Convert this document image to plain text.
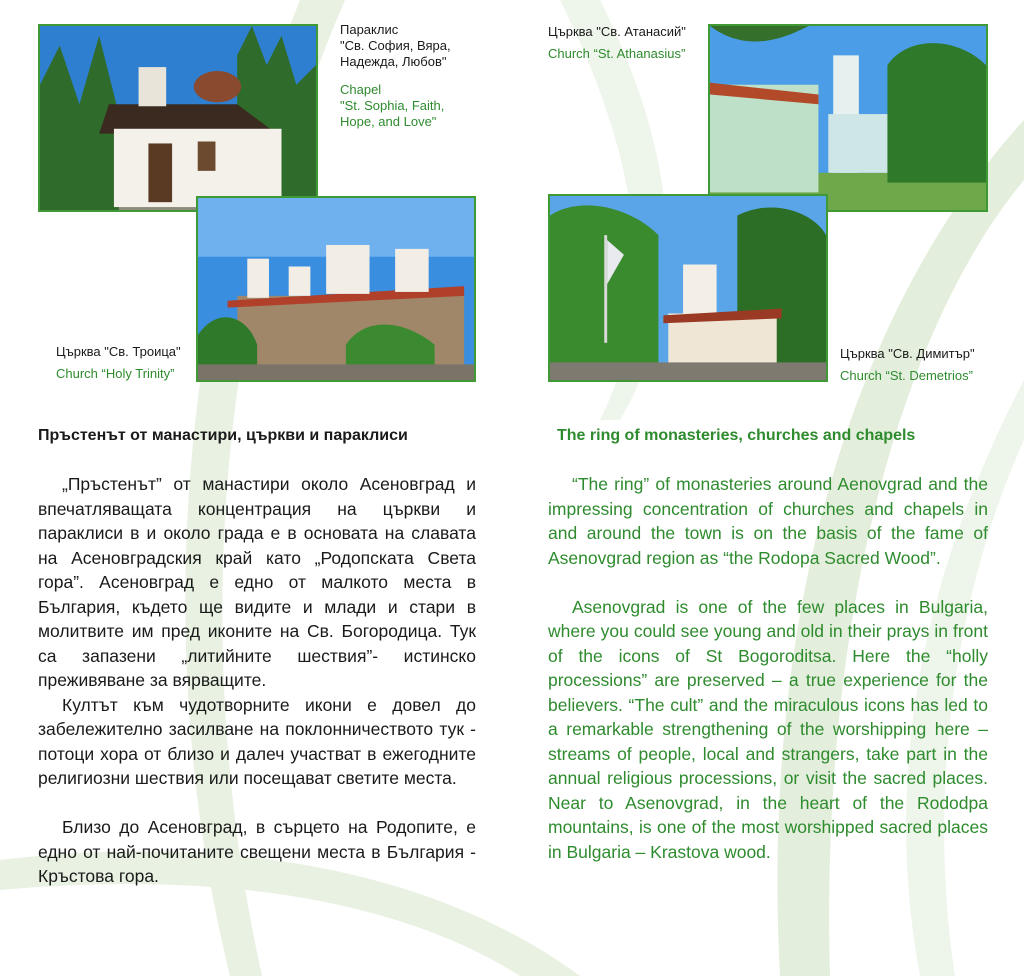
Параклис
"Св. София, Вяра,
Надежда, Любов"
Chapel
"St. Sophia, Faith,
Hope, and Love"
Църква "Св. Троица"
Church “Holy Trinity”
Църква "Св. Атанасий"
Church “St. Athanasius”
Църква "Св. Димитър"
Church “St. Demetrios”
Пръстенът от манастири, църкви и параклиси	The ring of monasteries, churches and chapels

„Пръстенът” от манастири около Асеновград и впечатляващата концентрация на църкви и параклиси в и около града е в основата на славата на Асеновградския край като „Родопската Света гора”. Асеновград е едно от малкото места в България, където ще видите и млади и стари в молитвите им пред иконите на Св. Богородица. Тук са запазени „литийните шествия”- истинско преживяване за вярващите.

Култът към чудотворните икони е довел до забележително засилване на поклонничеството тук - потоци хора от близо и далеч участват в ежегодните религиозни шествия или посещават светите места.

Близо до Асеновград, в сърцето на Родопите, е едно от най-почитаните свещени места в България - Кръстова гора.

“The ring” of monasteries around Aenovgrad and the impressing concentration of churches and chapels in and around the town is on the basis of the fame of Asenovgrad region as “the Rodopa Sacred Wood”.

Asenovgrad is one of the few places in Bulgaria, where you could see young and old in their prays in front of the icons of St Bogoroditsa. Here the “holly processions” are preserved – a true experience for the believers. “The cult” and the miraculous icons has led to a remarkable strengthening of the worshipping here – streams of people, local and strangers, take part in the annual religious processions, or visit the sacred places. Near to Asenovgrad, in the heart of the Rododpa mountains, is one of the most worshipped sacred places in Bulgaria – Krastova wood.
